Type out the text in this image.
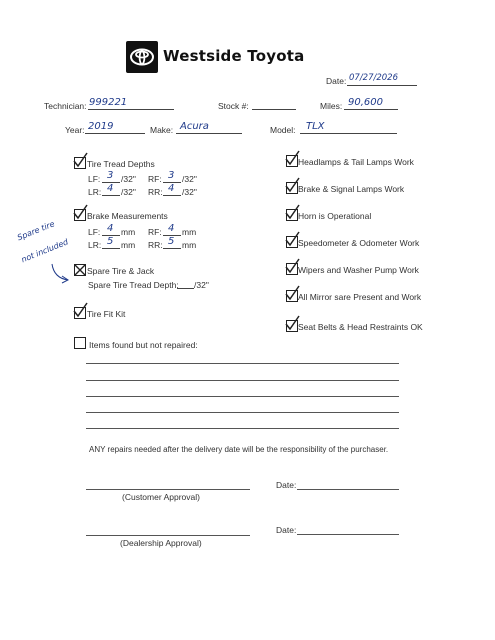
Westside Toyota
Date: 07/27/2026
Technician: 999221	Stock #:	Miles: 90,600
Year: 2019	Make: Acura	Model: TLX
Tire Tread Depths
LF: 3 /32" RF: 3 /32"
LR: 4 /32" RR: 4 /32"
Brake Measurements
LF: 4 mm RF: 4 mm
LR: 5 mm RR: 5 mm
Spare tire
not included
Spare Tire & Jack
Spare Tire Tread Depth: /32"
Tire Fit Kit
Items found but not repaired:
Headlamps & Tail Lamps Work
Brake & Signal Lamps Work
Horn is Operational
Speedometer & Odometer Work
Wipers and Washer Pump Work
All Mirror sare Present and Work
Seat Belts & Head Restraints OK
ANY repairs needed after the delivery date will be the responsibility of the purchaser.
(Customer Approval)
Date:
(Dealership Approval)
Date:
